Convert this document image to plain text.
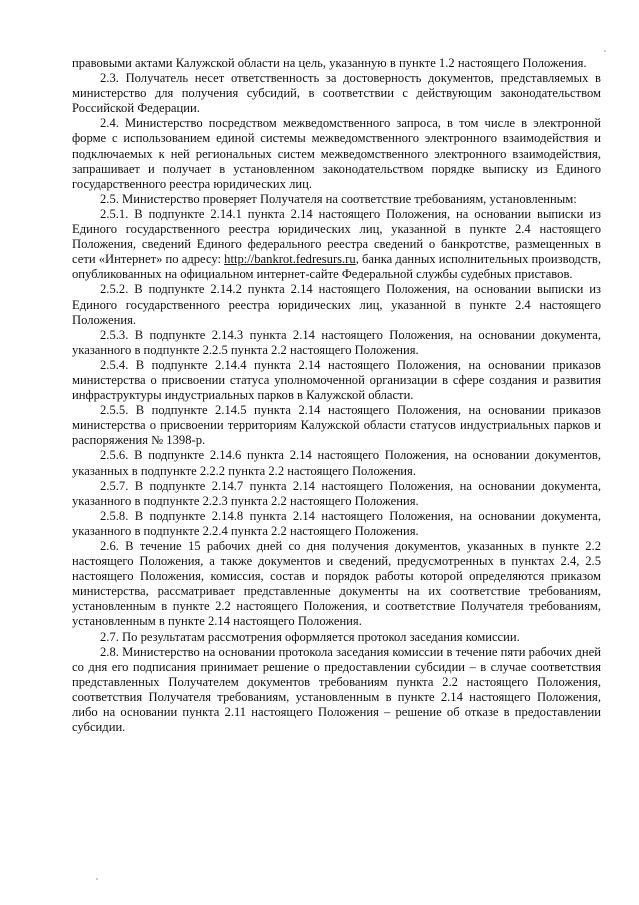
правовыми актами Калужской области на цель, указанную в пункте 1.2 настоящего Положения.

2.3. Получатель несет ответственность за достоверность документов, представляемых в министерство для получения субсидий, в соответствии с действующим законодательством Российской Федерации.

2.4. Министерство посредством межведомственного запроса, в том числе в электронной форме с использованием единой системы межведомственного электронного взаимодействия и подключаемых к ней региональных систем межведомственного электронного взаимодействия, запрашивает и получает в установленном законодательством порядке выписку из Единого государственного реестра юридических лиц.

2.5. Министерство проверяет Получателя на соответствие требованиям, установленным:

2.5.1. В подпункте 2.14.1 пункта 2.14 настоящего Положения, на основании выписки из Единого государственного реестра юридических лиц, указанной в пункте 2.4 настоящего Положения, сведений Единого федерального реестра сведений о банкротстве, размещенных в сети «Интернет» по адресу: http://bankrot.fedresurs.ru, банка данных исполнительных производств, опубликованных на официальном интернет-сайте Федеральной службы судебных приставов.

2.5.2. В подпункте 2.14.2 пункта 2.14 настоящего Положения, на основании выписки из Единого государственного реестра юридических лиц, указанной в пункте 2.4 настоящего Положения.

2.5.3. В подпункте 2.14.3 пункта 2.14 настоящего Положения, на основании документа, указанного в подпункте 2.2.5 пункта 2.2 настоящего Положения.

2.5.4. В подпункте 2.14.4 пункта 2.14 настоящего Положения, на основании приказов министерства о присвоении статуса уполномоченной организации в сфере создания и развития инфраструктуры индустриальных парков в Калужской области.

2.5.5. В подпункте 2.14.5 пункта 2.14 настоящего Положения, на основании приказов министерства о присвоении территориям Калужской области статусов индустриальных парков и распоряжения № 1398-р.

2.5.6. В подпункте 2.14.6 пункта 2.14 настоящего Положения, на основании документов, указанных в подпункте 2.2.2 пункта 2.2 настоящего Положения.

2.5.7. В подпункте 2.14.7 пункта 2.14 настоящего Положения, на основании документа, указанного в подпункте 2.2.3 пункта 2.2 настоящего Положения.

2.5.8. В подпункте 2.14.8 пункта 2.14 настоящего Положения, на основании документа, указанного в подпункте 2.2.4 пункта 2.2 настоящего Положения.

2.6. В течение 15 рабочих дней со дня получения документов, указанных в пункте 2.2 настоящего Положения, а также документов и сведений, предусмотренных в пунктах 2.4, 2.5 настоящего Положения, комиссия, состав и порядок работы которой определяются приказом министерства, рассматривает представленные документы на их соответствие требованиям, установленным в пункте 2.2 настоящего Положения, и соответствие Получателя требованиям, установленным в пункте 2.14 настоящего Положения.

2.7. По результатам рассмотрения оформляется протокол заседания комиссии.

2.8. Министерство на основании протокола заседания комиссии в течение пяти рабочих дней со дня его подписания принимает решение о предоставлении субсидии – в случае соответствия представленных Получателем документов требованиям пункта 2.2 настоящего Положения, соответствия Получателя требованиям, установленным в пункте 2.14 настоящего Положения, либо на основании пункта 2.11 настоящего Положения – решение об отказе в предоставлении субсидии.
